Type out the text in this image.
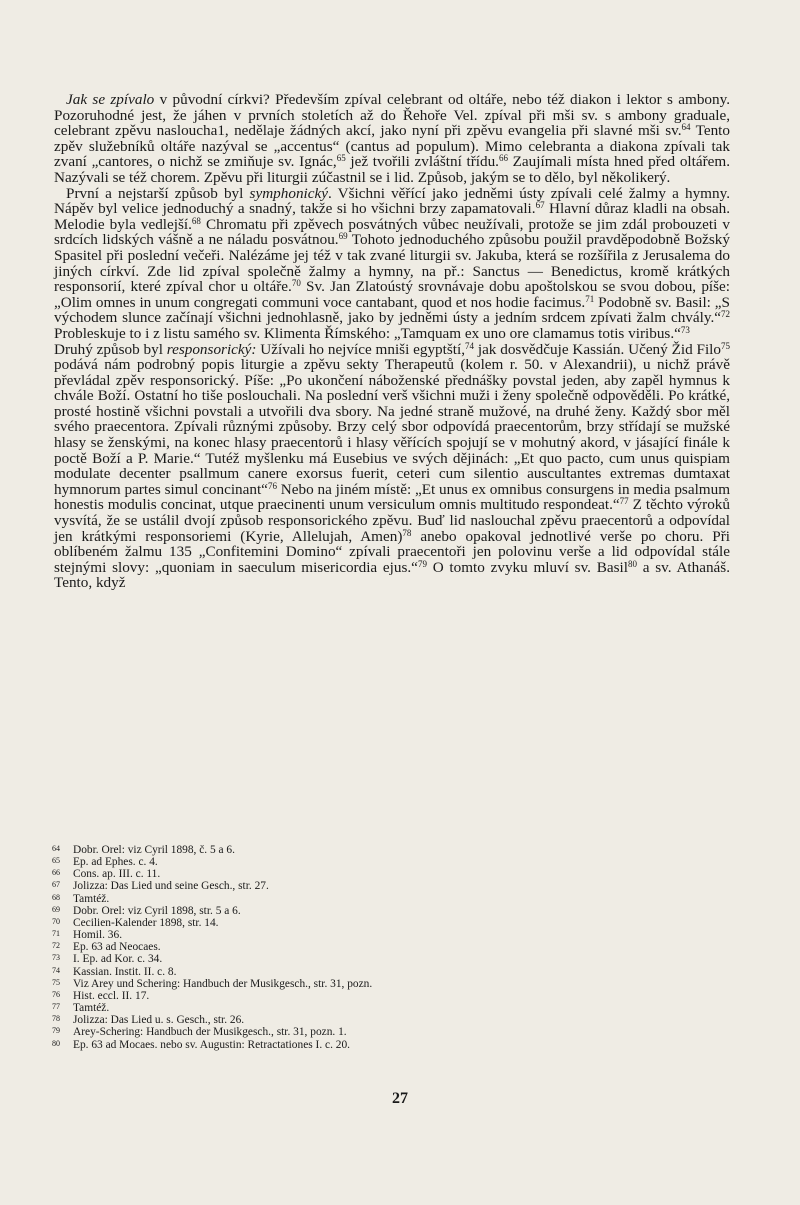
Jak se zpívalo v původní církvi? Především zpíval celebrant od oltáře, nebo též diakon i lektor s ambony. Pozoruhodné jest, že jáhen v prvních stoletích až do Řehoře Vel. zpíval při mši sv. s ambony graduale, celebrant zpěvu nasloucha1, nedělaje žádných akcí, jako nyní při zpěvu evangelia při slavné mši sv.$^{64}$ Tento zpěv služebníků oltáře nazýval se „accentus“ (cantus ad populum). Mimo celebranta a diakona zpívali tak zvaní „cantores, o nichž se zmiňuje sv. Ignác,$^{65}$ jež tvořili zvláštní třídu.$^{66}$ Zaujímali místa hned před oltářem. Nazývali se též chorem. Zpěvu při liturgii zúčastnil se i lid. Způsob, jakým se to dělo, byl několikerý.

První a nejstarší způsob byl symphonický. Všichni věřící jako jedněmi ústy zpívali celé žalmy a hymny. Nápěv byl velice jednoduchý a snadný, takže si ho všichni brzy zapamatovali.$^{67}$ Hlavní důraz kladli na obsah. Melodie byla vedlejší.$^{68}$ Chromatu při zpěvech posvátných vůbec neužívali, protože se jim zdál probouzeti v srdcích lidských vášně a ne náladu posvátnou.$^{69}$ Tohoto jednoduchého způsobu použil pravděpodobně Božský Spasitel při poslední večeři. Nalézáme jej též v tak zvané liturgii sv. Jakuba, která se rozšířila z Jerusalema do jiných církví. Zde lid zpíval společně žalmy a hymny, na př.: Sanctus — Benedictus, kromě krátkých responsorií, které zpíval chor u oltáře.$^{70}$ Sv. Jan Zlatoústý srovnávaje dobu apoštolskou se svou dobou, píše: „Olim omnes in unum congregati communi voce cantabant, quod et nos hodie facimus.$^{71}$ Podobně sv. Basil: „S východem slunce začínají všichni jednohlasně, jako by jedněmi ústy a jedním srdcem zpívati žalm chvály.“$^{72}$ Probleskuje to i z listu samého sv. Klimenta Římského: „Tamquam ex uno ore clamamus totis viribus.“$^{73}$

Druhý způsob byl responsorický: Užívali ho nejvíce mniši egyptští,$^{74}$ jak dosvědčuje Kassián. Učený Žid Filo$^{75}$ podává nám podrobný popis liturgie a zpěvu sekty Therapeutů (kolem r. 50. v Alexandrii), u nichž právě převládal zpěv responsorický. Píše: „Po ukončení náboženské přednášky povstal jeden, aby zapěl hymnus k chvále Boží. Ostatní ho tiše poslouchali. Na poslední verš všichni muži i ženy společně odpověděli. Po krátké, prosté hostině všichni povstali a utvořili dva sbory. Na jedné straně mužové, na druhé ženy. Každý sbor měl svého praecentora. Zpívali různými způsoby. Brzy celý sbor odpovídá praecentorům, brzy střídají se mužské hlasy se ženskými, na konec hlasy praecentorů i hlasy věřících spojují se v mohutný akord, v jásající finále k poctě Boží a P. Marie.“ Tutéž myšlenku má Eusebius ve svých dějinách: „Et quo pacto, cum unus quispiam modulate decenter psallmum canere exorsus fuerit, ceteri cum silentio auscultantes extremas dumtaxat hymnorum partes simul concinant“$^{76}$ Nebo na jiném místě: „Et unus ex omnibus consurgens in media psalmum honestis modulis concinat, utque praecinenti unum versiculum omnis multitudo respondeat.“$^{77}$ Z těchto výroků vysvítá, že se ustálil dvojí způsob responsorického zpěvu. Buď lid naslouchal zpěvu praecentorů a odpovídal jen krátkými responsoriemi (Kyrie, Allelujah, Amen)$^{78}$ anebo opakoval jednotlivé verše po choru. Při oblíbeném žalmu 135 „Confitemini Domino“ zpívali praecentoři jen polovinu verše a lid odpovídal stále stejnými slovy: „quoniam in saeculum misericordia ejus.“$^{79}$ O tomto zvyku mluví sv. Basil$^{80}$ a sv. Athanáš. Tento, když

64	Dobr. Orel: viz Cyril 1898, č. 5 a 6.
65	Ep. ad Ephes. c. 4.
66	Cons. ap. III. c. 11.
67	Jolizza: Das Lied und seine Gesch., str. 27.
68	Tamtéž.
69	Dobr. Orel: viz Cyril 1898, str. 5 a 6.
70	Cecilien-Kalender 1898, str. 14.
71	Homil. 36.
72	Ep. 63 ad Neocaes.
73	I. Ep. ad Kor. c. 34.
74	Kassian. Instit. II. c. 8.
75	Viz Arey und Schering: Handbuch der Musikgesch., str. 31, pozn.
76	Hist. eccl. II. 17.
77	Tamtéž.
78	Jolizza: Das Lied u. s. Gesch., str. 26.
79	Arey-Schering: Handbuch der Musikgesch., str. 31, pozn. 1.
80	Ep. 63 ad Mocaes. nebo sv. Augustin: Retractationes I. c. 20.
27
